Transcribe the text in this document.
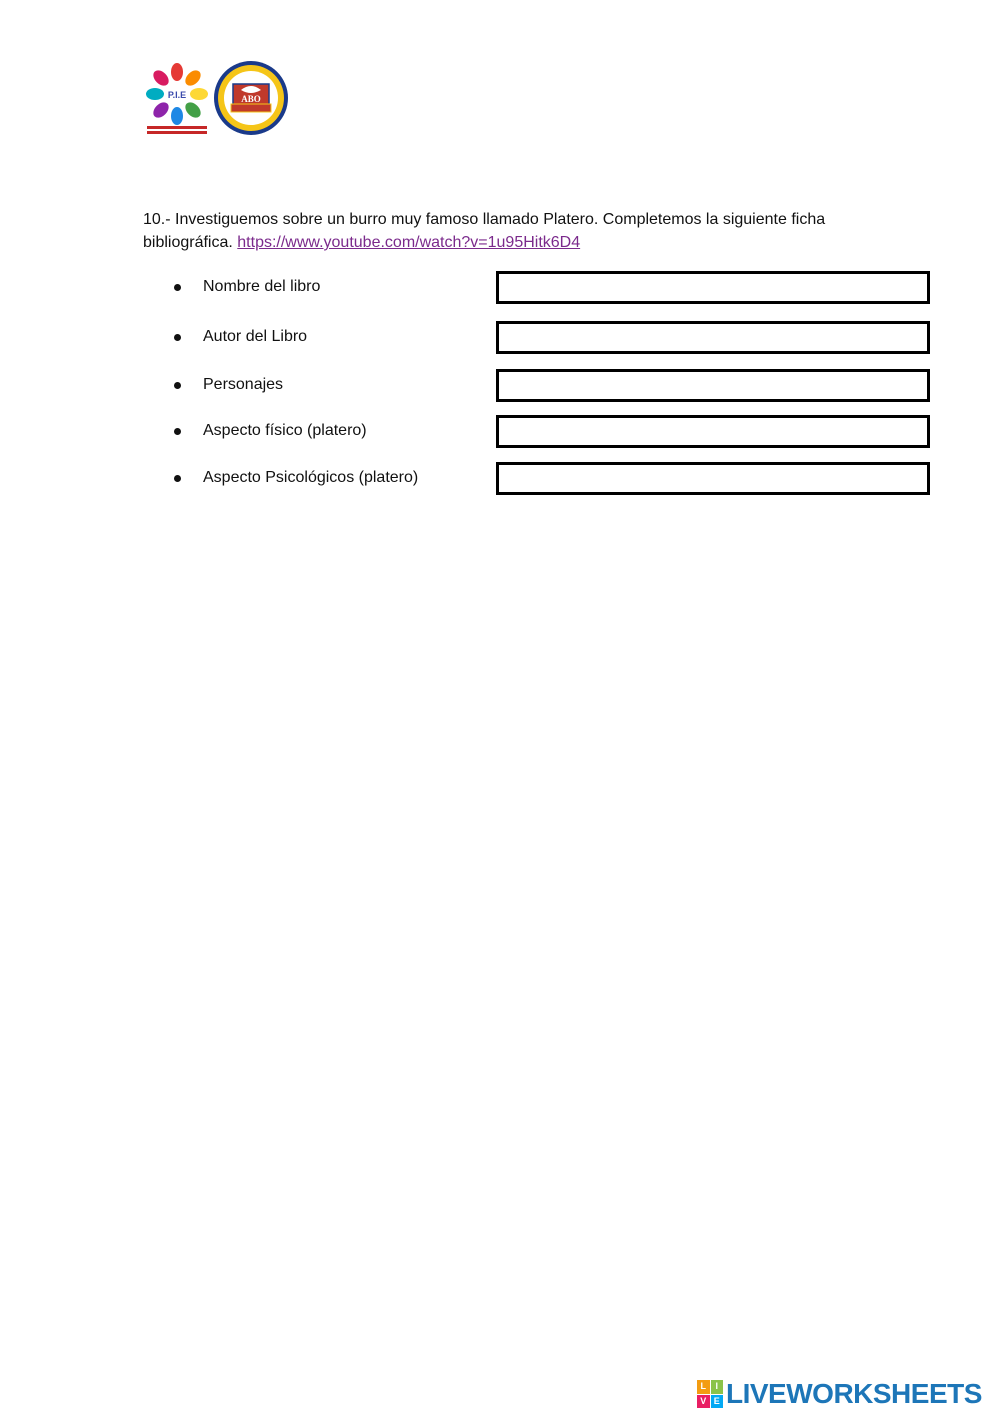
P.I.E	ABO
10.- Investiguemos sobre un burro muy famoso llamado Platero. Completemos la siguiente ficha bibliográfica. https://www.youtube.com/watch?v=1u95Hitk6D4
Nombre del libro
Autor del Libro
Personajes
Aspecto físico (platero)
Aspecto Psicológicos (platero)
L	I
V E LIVEWORKSHEETS
